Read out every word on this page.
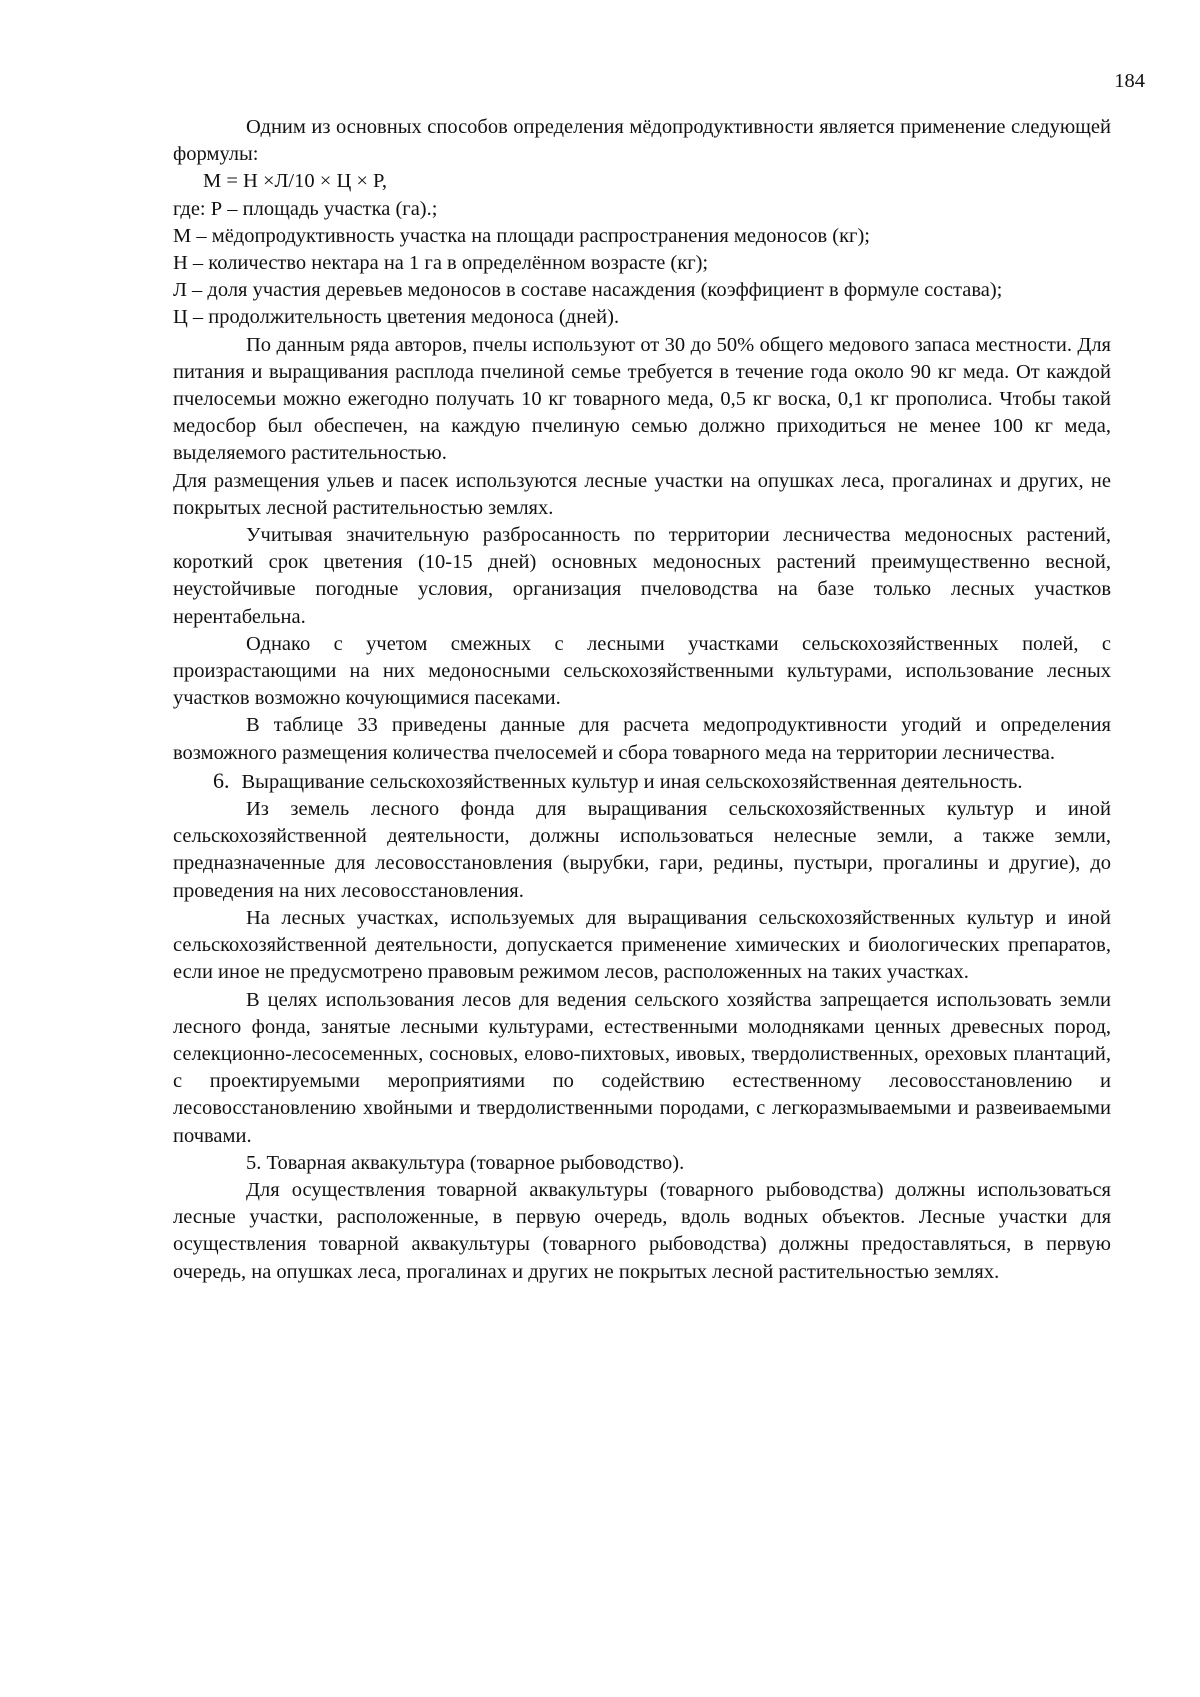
184

Одним из основных способов определения мёдопродуктивности является применение следующей формулы:

М = Н ×Л/10 × Ц × Р,

где: Р – площадь участка (га).;

М – мёдопродуктивность участка на площади распространения медоносов (кг);

Н – количество нектара на 1 га в определённом возрасте (кг);

Л – доля участия деревьев медоносов в составе насаждения (коэффициент в формуле состава);

Ц – продолжительность цветения медоноса (дней).

По данным ряда авторов, пчелы используют от 30 до 50% общего медового запаса местности. Для питания и выращивания расплода пчелиной семье требуется в течение года около 90 кг меда. От каждой пчелосемьи можно ежегодно получать 10 кг товарного меда, 0,5 кг воска, 0,1 кг прополиса. Чтобы такой медосбор был обеспечен, на каждую пчелиную семью должно приходиться не менее 100 кг меда, выделяемого растительностью.

Для размещения ульев и пасек используются лесные участки на опушках леса, прогалинах и других, не покрытых лесной растительностью землях.

Учитывая значительную разбросанность по территории лесничества медоносных растений, короткий срок цветения (10-15 дней) основных медоносных растений преимущественно весной, неустойчивые погодные условия, организация пчеловодства на базе только лесных участков нерентабельна.

Однако с учетом смежных с лесными участками сельскохозяйственных полей, с произрастающими на них медоносными сельскохозяйственными культурами, использование лесных участков возможно кочующимися пасеками.

В таблице 33 приведены данные для расчета медопродуктивности угодий и определения возможного размещения количества пчелосемей и сбора товарного меда на территории лесничества.

6. Выращивание сельскохозяйственных культур и иная сельскохозяйственная деятельность.

Из земель лесного фонда для выращивания сельскохозяйственных культур и иной сельскохозяйственной деятельности, должны использоваться нелесные земли, а также земли, предназначенные для лесовосстановления (вырубки, гари, редины, пустыри, прогалины и другие), до проведения на них лесовосстановления.

На лесных участках, используемых для выращивания сельскохозяйственных культур и иной сельскохозяйственной деятельности, допускается применение химических и биологических препаратов, если иное не предусмотрено правовым режимом лесов, расположенных на таких участках.

В целях использования лесов для ведения сельского хозяйства запрещается использовать земли лесного фонда, занятые лесными культурами, естественными молодняками ценных древесных пород, селекционно-лесосеменных, сосновых, елово-пихтовых, ивовых, твердолиственных, ореховых плантаций, с проектируемыми мероприятиями по содействию естественному лесовосстановлению и лесовосстановлению хвойными и твердолиственными породами, с легкоразмываемыми и развеиваемыми почвами.

5. Товарная аквакультура (товарное рыбоводство).

Для осуществления товарной аквакультуры (товарного рыбоводства) должны использоваться лесные участки, расположенные, в первую очередь, вдоль водных объектов. Лесные участки для осуществления товарной аквакультуры (товарного рыбоводства) должны предоставляться, в первую очередь, на опушках леса, прогалинах и других не покрытых лесной растительностью землях.
